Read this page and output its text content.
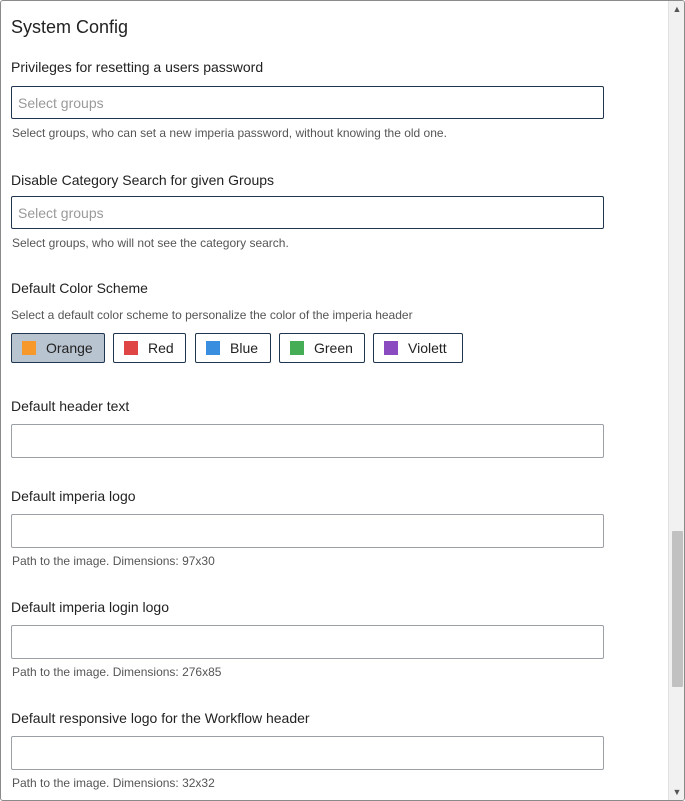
System Config
Privileges for resetting a users password
Select groups
Select groups, who can set a new imperia password, without knowing the old one.
Disable Category Search for given Groups
Select groups
Select groups, who will not see the category search.
Default Color Scheme
Select a default color scheme to personalize the color of the imperia header
Orange	Red	Blue	Green	Violett
Default header text
Default imperia logo
Path to the image. Dimensions: 97x30
Default imperia login logo
Path to the image. Dimensions: 276x85
Default responsive logo for the Workflow header
Path to the image. Dimensions: 32x32
▲
▼
